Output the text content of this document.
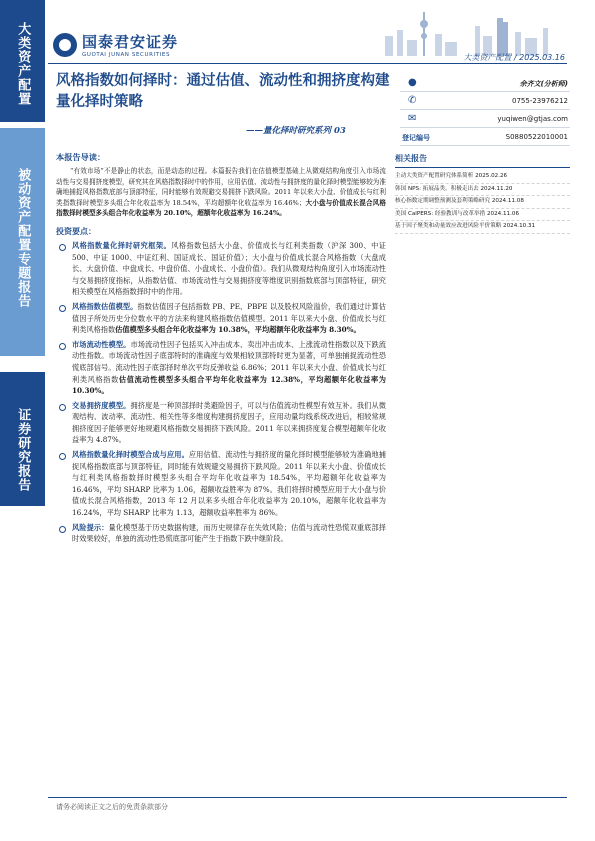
大类资产配置
被动资产配置专题报告
证券研究报告
国泰君安证券
GUOTAI JUNAN SECURITIES	大类资产配置 / 2025.03.16
风格指数如何择时：通过估值、流动性和拥挤度构建量化择时策略
——量化择时研究系列 03
●	余齐文(分析师)
✆	0755-23976212
✉	yuqiwen@gtjas.com
登记编号	S0880522010001
相关报告
主动大类资产配置研究体系简析 2025.02.26
韩国 NPS: 拓展品类，积极走出去 2024.11.20
核心指数定期调整预测及套利策略研究 2024.11.08
美国 CalPERS: 经验教训与改革举措 2024.11.06
基于因子聚类和动量效应改进风险平价策略 2024.10.31
本报告导读：
“有效市场”不是静止的状态，而是动态的过程。本篇报告我们在估值模型基础上从微观结构角度引入市场流动性与交易拥挤度模型，研究其在风格指数择时中的作用，应用估值、流动性与拥挤度的量化择时模型能够较为准确地捕捉风格指数底部与顶部特征，同时能够有效规避交易拥挤下跌风险。2011 年以来大小盘、价值成长与红利类指数择时模型多头组合年化收益率为 18.54%，平均超额年化收益率为 16.46%；大小盘与价值成长混合风格指数择时模型多头组合年化收益率为 20.10%，超额年化收益率为 16.24%。
投资要点：
风格指数量化择时研究框架。风格指数包括大小盘、价值成长与红利类指数（沪深 300、中证 500、中证 1000、中证红利、国证成长、国证价值）；大小盘与价值成长混合风格指数（大盘成长、大盘价值、中盘成长、中盘价值、小盘成长、小盘价值）。我们从微观结构角度引入市场流动性与交易拥挤度指标，从指数估值、市场流动性与交易拥挤度等维度识别指数底部与顶部特征，研究相关模型在风格指数择时中的作用。
风格指数估值模型。指数估值因子包括指数 PB、PE、PBPE 以及股权风险溢价，我们通过计算估值因子所处历史分位数水平的方法来构建风格指数估值模型。2011 年以来大小盘、价值成长与红利类风格指数估值模型多头组合年化收益率为 10.38%，平均超额年化收益率为 8.30%。
市场流动性模型。市场流动性因子包括买入冲击成本、卖出冲击成本、上涨流动性指数以及下跌流动性指数。市场流动性因子底部特时的准确度与效果相较顶部特时更为显著，可单独捕捉流动性恐慌底部信号。流动性因子底部择时单次平均反弹收益 6.86%；2011 年以来大小盘、价值成长与红利类风格指数估值流动性模型多头组合平均年化收益率为 12.38%，平均超额年化收益率为 10.30%。
交易拥挤度模型。拥挤度是一种顶部择时类避险因子，可以与估值流动性模型有效互补。我们从微观结构、波动率、流动性、相关性等多维度构建拥挤度因子，应用动量均线系统改进后，相较常规拥挤度因子能够更好地规避风格指数交易拥挤下跌风险。2011 年以来拥挤度复合模型超额年化收益率为 4.87%。
风格指数量化择时模型合成与应用。应用估值、流动性与拥挤度的量化择时模型能够较为准确地捕捉风格指数底部与顶部特征，同时能有效规避交易拥挤下跌风险。2011 年以来大小盘、价值成长与红利类风格指数择时模型多头组合平均年化收益率为 18.54%，平均超额年化收益率为 16.46%，平均 SHARP 比率为 1.06，超额收益胜率为 87%。我们将择时模型应用于大小盘与价值成长混合风格指数，2013 年 12 月以来多头组合年化收益率为 20.10%，超额年化收益率为 16.24%，平均 SHARP 比率为 1.13，超额收益率胜率为 86%。
风险提示：量化模型基于历史数据构建，而历史规律存在失效风险；估值与流动性恐慌双重底部择时效果较好，单独的流动性恐慌底部可能产生于指数下跌中继阶段。
请务必阅读正文之后的免责条款部分
